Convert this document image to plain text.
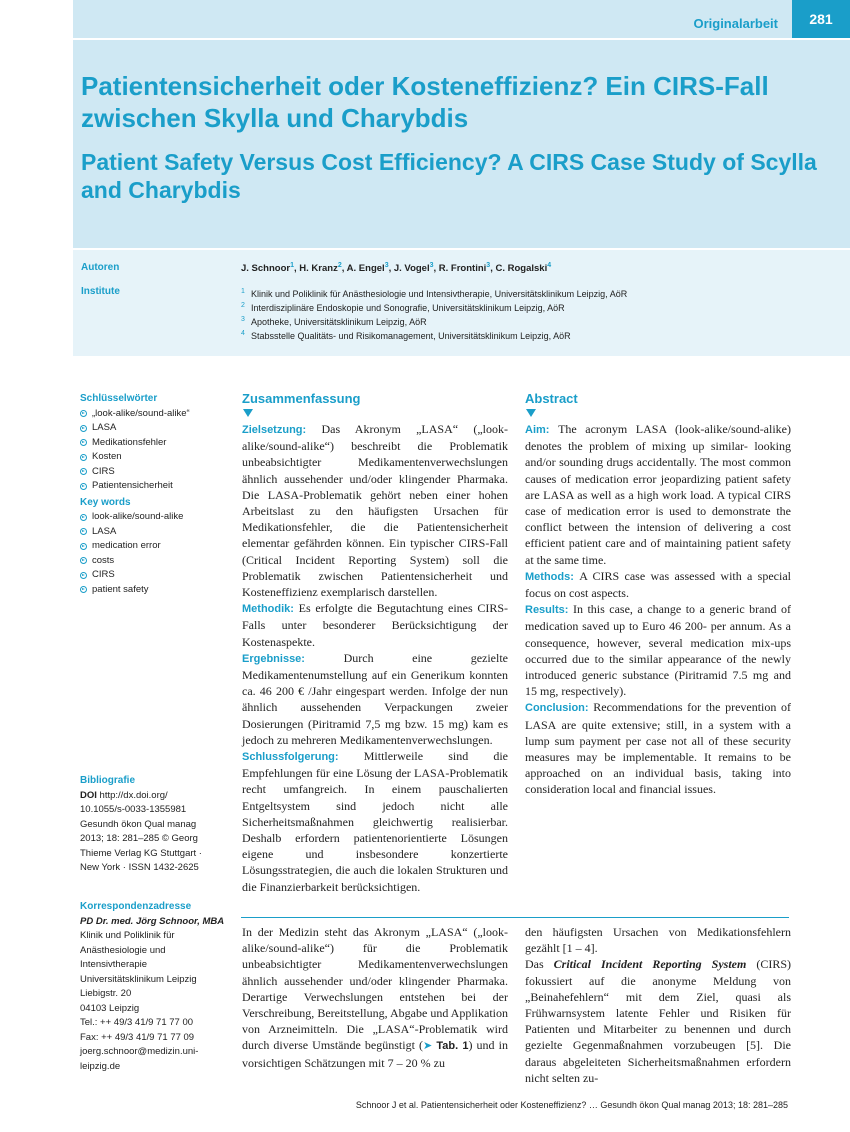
Originalarbeit	281
Patientensicherheit oder Kosteneffizienz? Ein CIRS-Fall zwischen Skylla und Charybdis
Patient Safety Versus Cost Efficiency? A CIRS Case Study of Scylla and Charybdis
Autoren	J. Schnoor$^1$, H. Kranz$^2$, A. Engel$^3$, J. Vogel$^3$, R. Frontini$^3$, C. Rogalski$^4$
Institute	$^1$ Klinik und Poliklinik für Anästhesiologie und Intensivtherapie, Universitätsklinikum Leipzig, AöR
$^2$ Interdisziplinäre Endoskopie und Sonografie, Universitätsklinikum Leipzig, AöR
$^3$ Apotheke, Universitätsklinikum Leipzig, AöR
$^4$ Stabsstelle Qualitäts- und Risikomanagement, Universitätsklinikum Leipzig, AöR
Schlüsselwörter
„look-alike/sound-alike“
LASA
Medikationsfehler
Kosten
CIRS
Patientensicherheit
Key words
look-alike/sound-alike
LASA
medication error
costs
CIRS
patient safety
Bibliografie
DOI http://dx.doi.org/
10.1055/s-0033-1355981
Gesundh ökon Qual manag
2013; 18: 281–285 © Georg
Thieme Verlag KG Stuttgart ·
New York · ISSN 1432-2625
Korrespondenzadresse
PD Dr. med. Jörg Schnoor, MBA
Klinik und Poliklinik für
Anästhesiologie und
Intensivtherapie
Universitätsklinikum Leipzig
Liebigstr. 20
04103 Leipzig
Tel.: ++ 49/3 41/9 71 77 00
Fax: ++ 49/3 41/9 71 77 09
joerg.schnoor@medizin.uni-
leipzig.de
Zusammenfassung

Zielsetzung: Das Akronym „LASA“ („look-alike/sound-alike“) beschreibt die Problematik unbeabsichtigter Medikamentenverwechslungen ähnlich aussehender und/oder klingender Pharmaka. Die LASA-Problematik gehört neben einer hohen Arbeitslast zu den häufigsten Ursachen für Medikationsfehler, die die Patientensicherheit elementar gefährden können. Ein typischer CIRS-Fall (Critical Incident Reporting System) soll die Problematik zwischen Patientensicherheit und Kosteneffizienz exemplarisch darstellen.

Methodik: Es erfolgte die Begutachtung eines CIRS-Falls unter besonderer Berücksichtigung der Kostenaspekte.

Ergebnisse: Durch eine gezielte Medikamentenumstellung auf ein Generikum konnten ca. 46 200 € /Jahr eingespart werden. Infolge der nun ähnlich aussehenden Verpackungen zweier Dosierungen (Piritramid 7,5 mg bzw. 15 mg) kam es jedoch zu mehreren Medikamentenverwechslungen.

Schlussfolgerung: Mittlerweile sind die Empfehlungen für eine Lösung der LASA-Problematik recht umfangreich. In einem pauschalierten Entgeltsystem sind jedoch nicht alle Sicherheitsmaßnahmen gleichwertig realisierbar. Deshalb erfordern patientenorientierte Lösungen eigene und insbesondere konzertierte Lösungsstrategien, die auch die lokalen Strukturen und die Finanzierbarkeit berücksichtigen.

Abstract

Aim: The acronym LASA (look-alike/sound-alike) denotes the problem of mixing up similar- looking and/or sounding drugs accidentally. The most common causes of medication error jeopardizing patient safety are LASA as well as a high work load. A typical CIRS case of medication error is used to demonstrate the conflict between the intension of delivering a cost efficient patient care and of maintaining patient safety at the same time.

Methods: A CIRS case was assessed with a special focus on cost aspects.

Results: In this case, a change to a generic brand of medication saved up to Euro 46 200- per annum. As a consequence, however, several medication mix-ups occurred due to the similar appearance of the newly introduced generic substance (Piritramid 7.5 mg and 15 mg, respectively).

Conclusion: Recommendations for the prevention of LASA are quite extensive; still, in a system with a lump sum payment per case not all of these security measures may be implementable. It remains to be approached on an individual basis, taking into consideration local and financial issues.

In der Medizin steht das Akronym „LASA“ („look-alike/sound-alike“) für die Problematik unbeabsichtigter Medikamentenverwechslungen ähnlich aussehender und/oder klingender Pharmaka. Derartige Verwechslungen entstehen bei der Verschreibung, Bereitstellung, Abgabe und Applikation von Arzneimitteln. Die „LASA“-Problematik wird durch diverse Umstände begünstigt (➤ Tab. 1) und in vorsichtigen Schätzungen mit 7 – 20 % zu

den häufigsten Ursachen von Medikationsfehlern gezählt [1 – 4].

Das Critical Incident Reporting System (CIRS) fokussiert auf die anonyme Meldung von „Beinahefehlern“ mit dem Ziel, quasi als Frühwarnsystem latente Fehler und Risiken für Patienten und Mitarbeiter zu benennen und durch gezielte Gegenmaßnahmen vorzubeugen [5]. Die daraus abgeleiteten Sicherheitsmaßnahmen erfordern nicht selten zu-

Schnoor J et al. Patientensicherheit oder Kosteneffizienz? … Gesundh ökon Qual manag 2013; 18: 281–285
